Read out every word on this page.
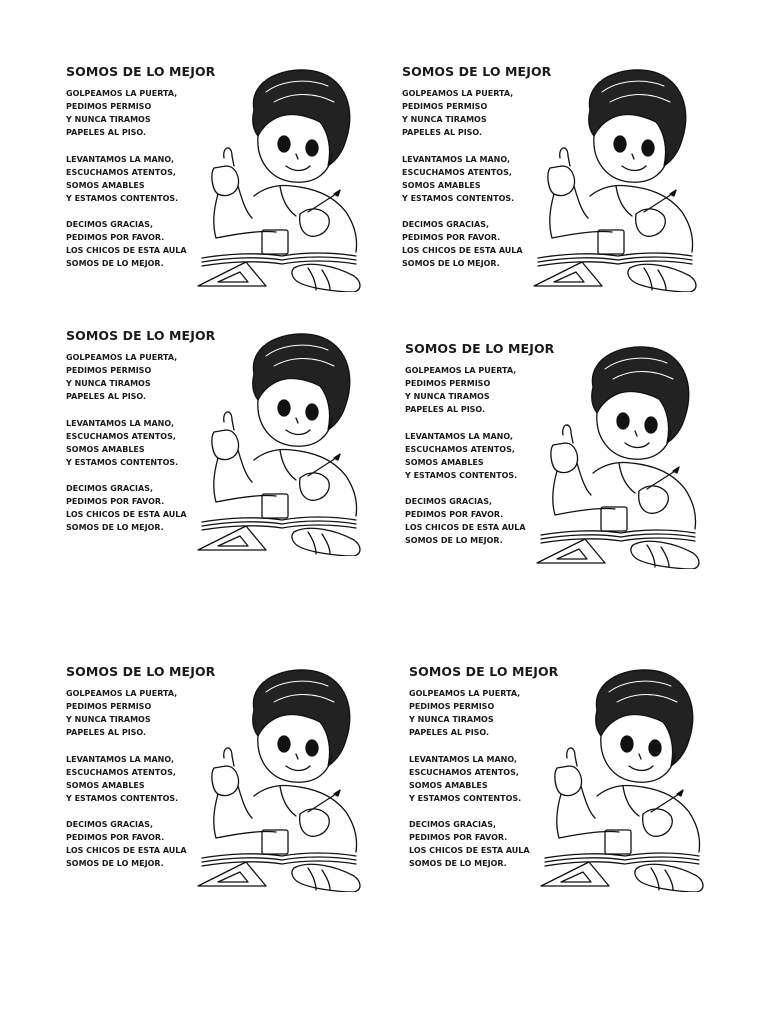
SOMOS DE LO MEJOR
GOLPEAMOS LA PUERTA,
PEDIMOS PERMISO
Y NUNCA TIRAMOS
PAPELES AL PISO.
LEVANTAMOS LA MANO,
ESCUCHAMOS ATENTOS,
SOMOS AMABLES
Y ESTAMOS CONTENTOS.
DECIMOS GRACIAS,
PEDIMOS POR FAVOR.
LOS CHICOS DE ESTA AULA
SOMOS DE LO MEJOR.
SOMOS DE LO MEJOR
GOLPEAMOS LA PUERTA,
PEDIMOS PERMISO
Y NUNCA TIRAMOS
PAPELES AL PISO.
LEVANTAMOS LA MANO,
ESCUCHAMOS ATENTOS,
SOMOS AMABLES
Y ESTAMOS CONTENTOS.
DECIMOS GRACIAS,
PEDIMOS POR FAVOR.
LOS CHICOS DE ESTA AULA
SOMOS DE LO MEJOR.
SOMOS DE LO MEJOR
GOLPEAMOS LA PUERTA,
PEDIMOS PERMISO
Y NUNCA TIRAMOS
PAPELES AL PISO.
LEVANTAMOS LA MANO,
ESCUCHAMOS ATENTOS,
SOMOS AMABLES
Y ESTAMOS CONTENTOS.
DECIMOS GRACIAS,
PEDIMOS POR FAVOR.
LOS CHICOS DE ESTA AULA
SOMOS DE LO MEJOR.
SOMOS DE LO MEJOR
GOLPEAMOS LA PUERTA,
PEDIMOS PERMISO
Y NUNCA TIRAMOS
PAPELES AL PISO.
LEVANTAMOS LA MANO,
ESCUCHAMOS ATENTOS,
SOMOS AMABLES
Y ESTAMOS CONTENTOS.
DECIMOS GRACIAS,
PEDIMOS POR FAVOR.
LOS CHICOS DE ESTA AULA
SOMOS DE LO MEJOR.
SOMOS DE LO MEJOR
GOLPEAMOS LA PUERTA,
PEDIMOS PERMISO
Y NUNCA TIRAMOS
PAPELES AL PISO.
LEVANTAMOS LA MANO,
ESCUCHAMOS ATENTOS,
SOMOS AMABLES
Y ESTAMOS CONTENTOS.
DECIMOS GRACIAS,
PEDIMOS POR FAVOR.
LOS CHICOS DE ESTA AULA
SOMOS DE LO MEJOR.
SOMOS DE LO MEJOR
GOLPEAMOS LA PUERTA,
PEDIMOS PERMISO
Y NUNCA TIRAMOS
PAPELES AL PISO.
LEVANTAMOS LA MANO,
ESCUCHAMOS ATENTOS,
SOMOS AMABLES
Y ESTAMOS CONTENTOS.
DECIMOS GRACIAS,
PEDIMOS POR FAVOR.
LOS CHICOS DE ESTA AULA
SOMOS DE LO MEJOR.
